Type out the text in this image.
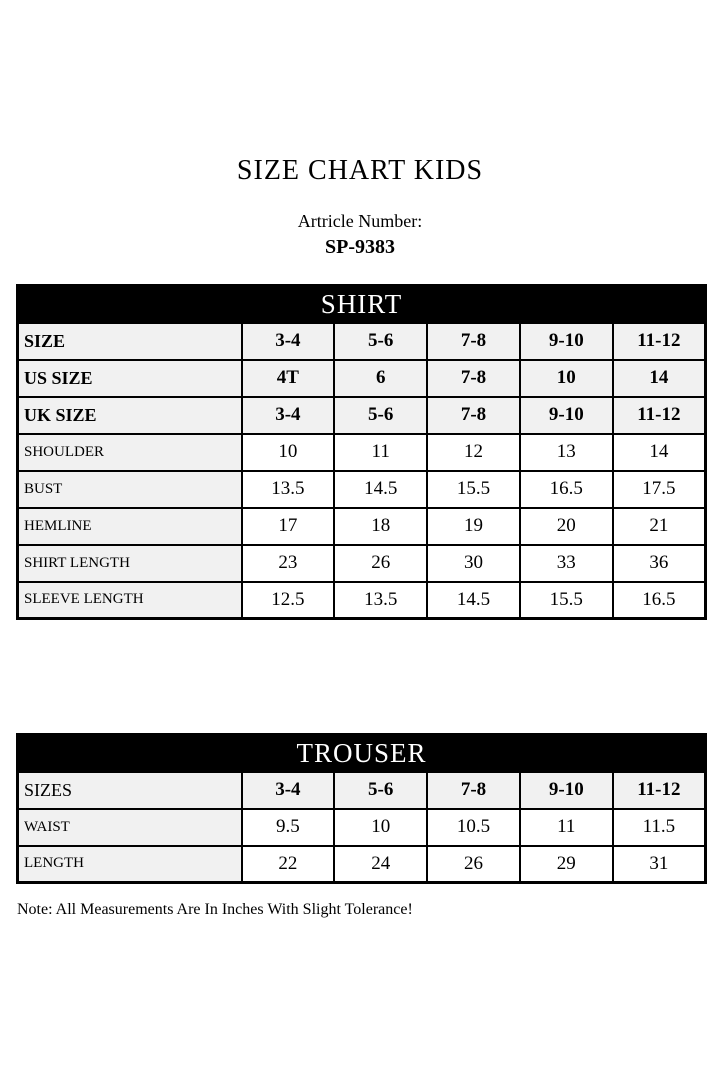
SIZE CHART KIDS
Artricle Number:
SP-9383
SHIRT					
SIZE	3-4	5-6	7-8	9-10	11-12
US SIZE	4T	6	7-8	10	14
UK SIZE	3-4	5-6	7-8	9-10	11-12
SHOULDER	10	11	12	13	14
BUST	13.5	14.5	15.5	16.5	17.5
HEMLINE	17	18	19	20	21
SHIRT LENGTH	23	26	30	33	36
SLEEVE LENGTH	12.5	13.5	14.5	15.5	16.5
TROUSER					
SIZES	3-4	5-6	7-8	9-10	11-12
WAIST	9.5	10	10.5	11	11.5
LENGTH	22	24	26	29	31
Note: All Measurements Are In Inches With Slight Tolerance!
